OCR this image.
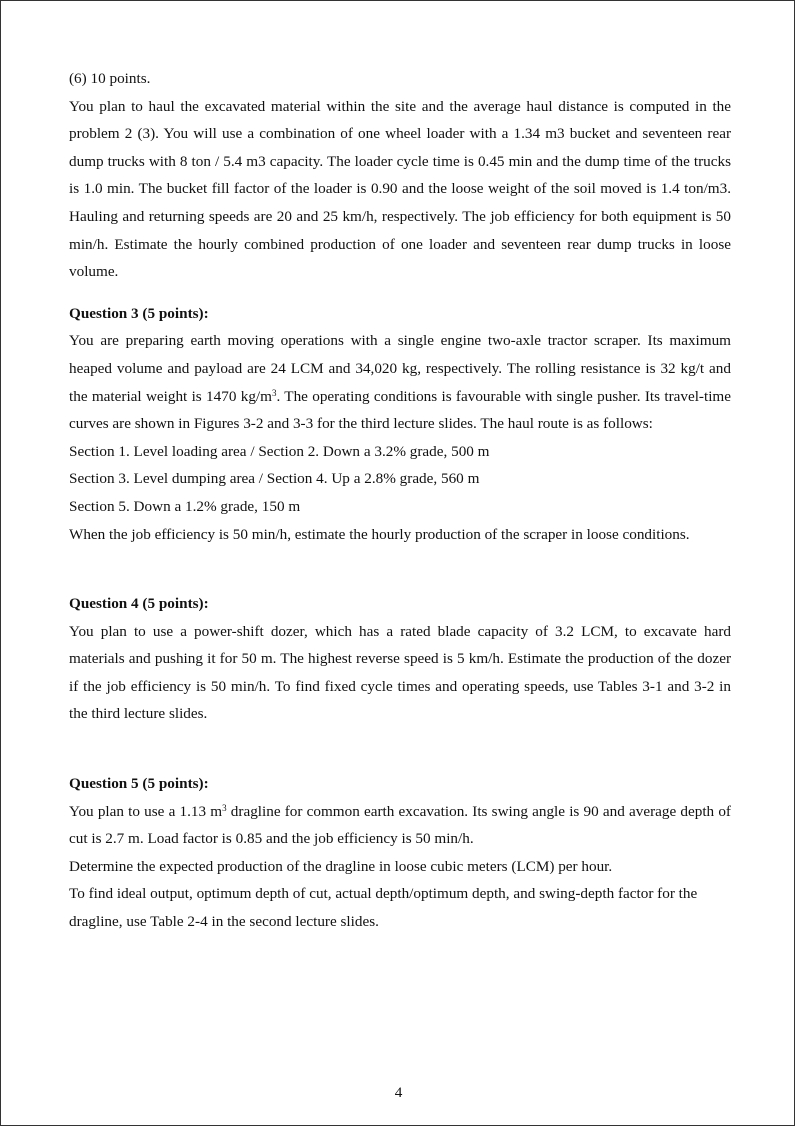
(6) 10 points.

You plan to haul the excavated material within the site and the average haul distance is computed in the problem 2 (3). You will use a combination of one wheel loader with a 1.34 m3 bucket and seventeen rear dump trucks with 8 ton / 5.4 m3 capacity. The loader cycle time is 0.45 min and the dump time of the trucks is 1.0 min. The bucket fill factor of the loader is 0.90 and the loose weight of the soil moved is 1.4 ton/m3. Hauling and returning speeds are 20 and 25 km/h, respectively. The job efficiency for both equipment is 50 min/h. Estimate the hourly combined production of one loader and seventeen rear dump trucks in loose volume.

Question 3 (5 points):

You are preparing earth moving operations with a single engine two-axle tractor scraper. Its maximum heaped volume and payload are 24 LCM and 34,020 kg, respectively. The rolling resistance is 32 kg/t and the material weight is 1470 $kg/m^3$. The operating conditions is favourable with single pusher. Its travel-time curves are shown in Figures 3-2 and 3-3 for the third lecture slides. The haul route is as follows:

Section 1. Level loading area / Section 2. Down a 3.2% grade, 500 m

Section 3. Level dumping area / Section 4. Up a 2.8% grade, 560 m

Section 5. Down a 1.2% grade, 150 m

When the job efficiency is 50 min/h, estimate the hourly production of the scraper in loose conditions.

Question 4 (5 points):

You plan to use a power-shift dozer, which has a rated blade capacity of 3.2 LCM, to excavate hard materials and pushing it for 50 m. The highest reverse speed is 5 km/h. Estimate the production of the dozer if the job efficiency is 50 min/h. To find fixed cycle times and operating speeds, use Tables 3-1 and 3-2 in the third lecture slides.

Question 5 (5 points):

You plan to use a 1.13 $m^3$ dragline for common earth excavation. Its swing angle is 90 and average depth of cut is 2.7 m. Load factor is 0.85 and the job efficiency is 50 min/h.

Determine the expected production of the dragline in loose cubic meters (LCM) per hour.

To find ideal output, optimum depth of cut, actual depth/optimum depth, and swing-depth factor for the dragline, use Table 2-4 in the second lecture slides.

4
